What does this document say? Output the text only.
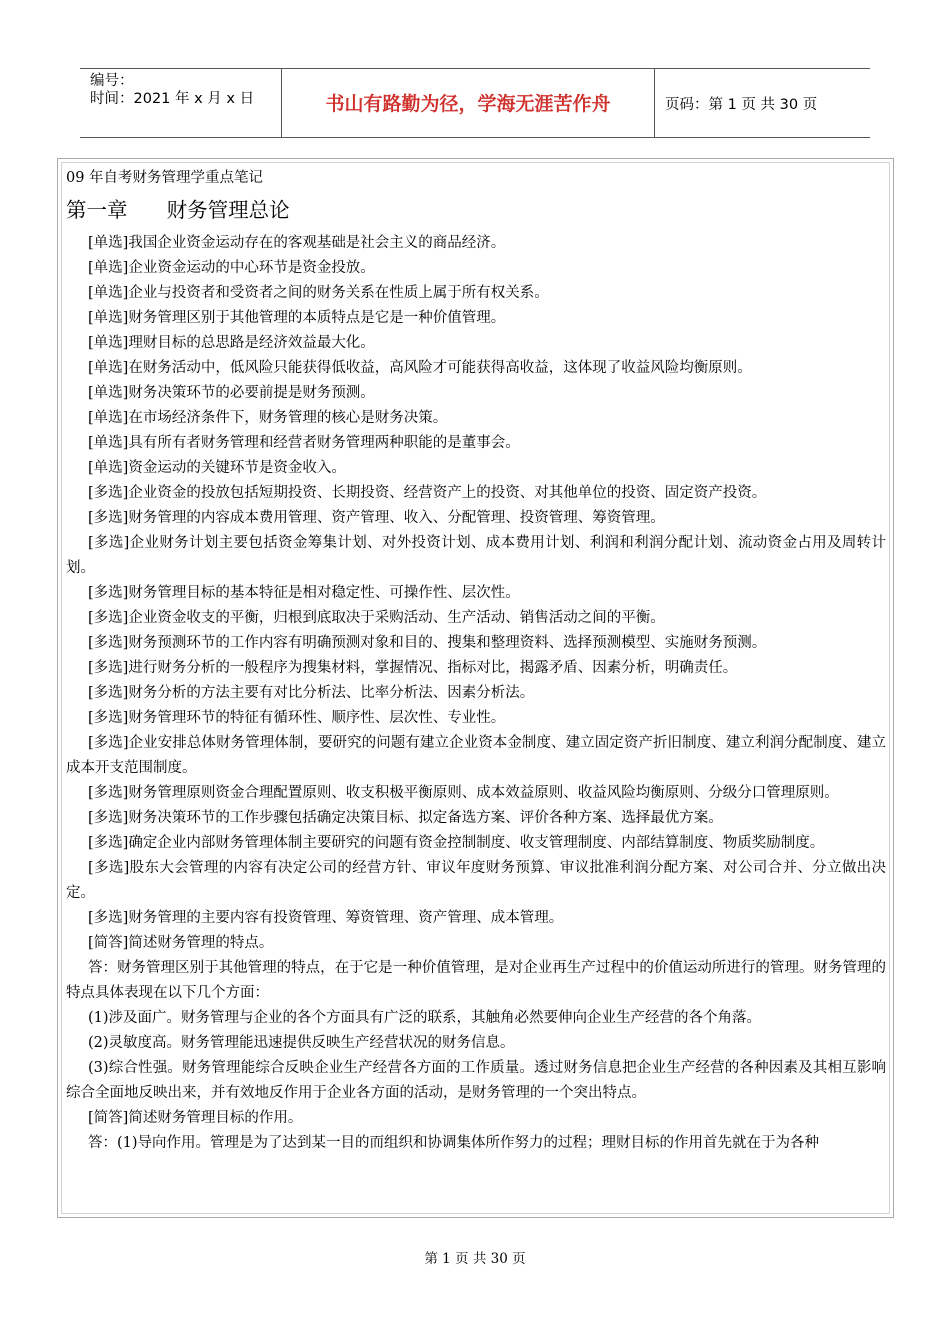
编号：
时间：2021 年 x 月 x 日	书山有路勤为径，学海无涯苦作舟	页码：第 1 页 共 30 页
09 年自考财务管理学重点笔记
第一章      财务管理总论

[单选]我国企业资金运动存在的客观基础是社会主义的商品经济。

[单选]企业资金运动的中心环节是资金投放。

[单选]企业与投资者和受资者之间的财务关系在性质上属于所有权关系。

[单选]财务管理区别于其他管理的本质特点是它是一种价值管理。

[单选]理财目标的总思路是经济效益最大化。

[单选]在财务活动中，低风险只能获得低收益，高风险才可能获得高收益，这体现了收益风险均衡原则。

[单选]财务决策环节的必要前提是财务预测。

[单选]在市场经济条件下，财务管理的核心是财务决策。

[单选]具有所有者财务管理和经营者财务管理两种职能的是董事会。

[单选]资金运动的关键环节是资金收入。

[多选]企业资金的投放包括短期投资、长期投资、经营资产上的投资、对其他单位的投资、固定资产投资。

[多选]财务管理的内容成本费用管理、资产管理、收入、分配管理、投资管理、筹资管理。

[多选]企业财务计划主要包括资金筹集计划、对外投资计划、成本费用计划、利润和利润分配计划、流动资金占用及周转计划。

[多选]财务管理目标的基本特征是相对稳定性、可操作性、层次性。

[多选]企业资金收支的平衡，归根到底取决于采购活动、生产活动、销售活动之间的平衡。

[多选]财务预测环节的工作内容有明确预测对象和目的、搜集和整理资料、选择预测模型、实施财务预测。

[多选]进行财务分析的一般程序为搜集材料，掌握情况、指标对比，揭露矛盾、因素分析，明确责任。

[多选]财务分析的方法主要有对比分析法、比率分析法、因素分析法。

[多选]财务管理环节的特征有循环性、顺序性、层次性、专业性。

[多选]企业安排总体财务管理体制，要研究的问题有建立企业资本金制度、建立固定资产折旧制度、建立利润分配制度、建立成本开支范围制度。

[多选]财务管理原则资金合理配置原则、收支积极平衡原则、成本效益原则、收益风险均衡原则、分级分口管理原则。

[多选]财务决策环节的工作步骤包括确定决策目标、拟定备选方案、评价各种方案、选择最优方案。

[多选]确定企业内部财务管理体制主要研究的问题有资金控制制度、收支管理制度、内部结算制度、物质奖励制度。

[多选]股东大会管理的内容有决定公司的经营方针、审议年度财务预算、审议批准利润分配方案、对公司合并、分立做出决定。

[多选]财务管理的主要内容有投资管理、筹资管理、资产管理、成本管理。

[简答]简述财务管理的特点。

答：财务管理区别于其他管理的特点，在于它是一种价值管理，是对企业再生产过程中的价值运动所进行的管理。财务管理的特点具体表现在以下几个方面：

(1)涉及面广。财务管理与企业的各个方面具有广泛的联系，其触角必然要伸向企业生产经营的各个角落。

(2)灵敏度高。财务管理能迅速提供反映生产经营状况的财务信息。

(3)综合性强。财务管理能综合反映企业生产经营各方面的工作质量。透过财务信息把企业生产经营的各种因素及其相互影响综合全面地反映出来，并有效地反作用于企业各方面的活动，是财务管理的一个突出特点。

[简答]简述财务管理目标的作用。

答：(1)导向作用。管理是为了达到某一目的而组织和协调集体所作努力的过程；理财目标的作用首先就在于为各种

第 1 页 共 30 页
